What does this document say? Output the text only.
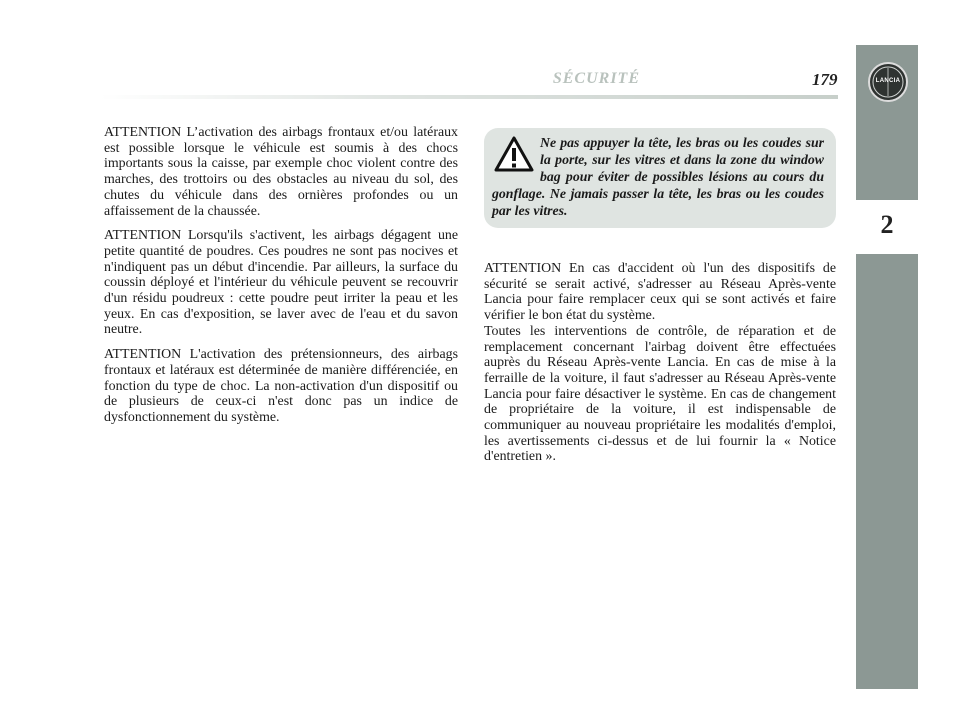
SÉCURITÉ	179	LANCIA
2

ATTENTION L’activation des airbags frontaux et/ou latéraux est possible lorsque le véhicule est soumis à des chocs importants sous la caisse, par exemple choc violent contre des marches, des trottoirs ou des obstacles au niveau du sol, des chutes du véhicule dans des ornières profondes ou un affaissement de la chaussée.

ATTENTION Lorsqu'ils s'activent, les airbags dégagent une petite quantité de poudres. Ces poudres ne sont pas nocives et n'indiquent pas un début d'incendie. Par ailleurs, la surface du coussin déployé et l'intérieur du véhicule peuvent se recouvrir d'un résidu poudreux : cette poudre peut irriter la peau et les yeux. En cas d'exposition, se laver avec de l'eau et du savon neutre.

ATTENTION L'activation des prétensionneurs, des airbags frontaux et latéraux est déterminée de manière différenciée, en fonction du type de choc. La non-activation d'un dispositif ou de plusieurs de ceux-ci n'est donc pas un indice de dysfonctionnement du système.

Ne pas appuyer la tête, les bras ou les coudes sur la porte, sur les vitres et dans la zone du window bag pour éviter de possibles lésions au cours du gonflage. Ne jamais passer la tête, les bras ou les coudes par les vitres.

ATTENTION En cas d'accident où l'un des dispositifs de sécurité se serait activé, s'adresser au Réseau Après-vente Lancia pour faire remplacer ceux qui se sont activés et faire vérifier le bon état du système.

Toutes les interventions de contrôle, de réparation et de remplacement concernant l'airbag doivent être effectuées auprès du Réseau Après-vente Lancia. En cas de mise à la ferraille de la voiture, il faut s'adresser au Réseau Après-vente Lancia pour faire désactiver le système. En cas de changement de propriétaire de la voiture, il est indispensable de communiquer au nouveau propriétaire les modalités d'emploi, les avertissements ci-dessus et de lui fournir la « Notice d'entretien ».
